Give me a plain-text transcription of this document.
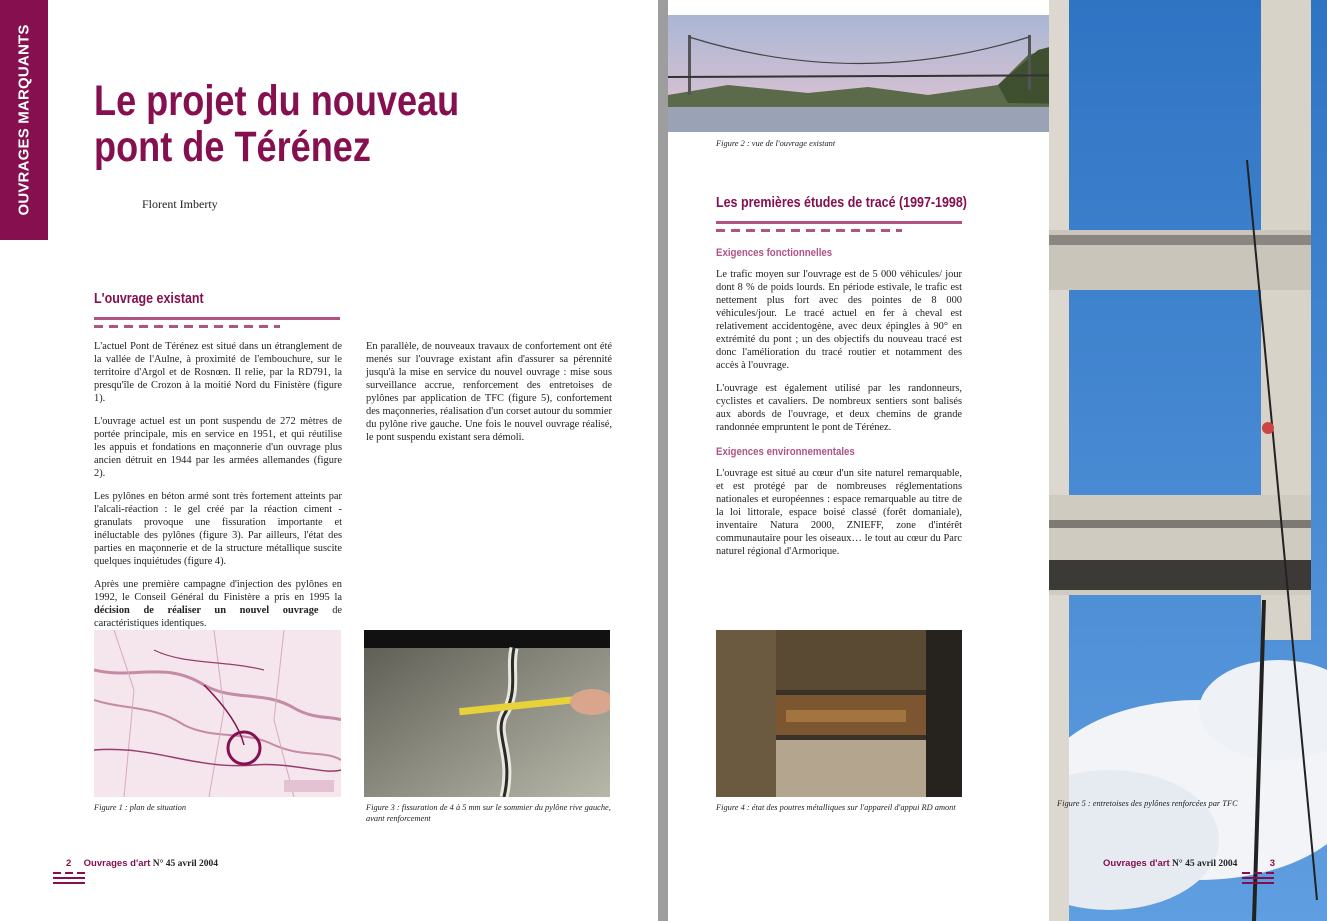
OUVRAGES MARQUANTS Le projet du nouveau
pont de Térénez
Florent Imberty
L'ouvrage existant

L'actuel Pont de Térénez est situé dans un étranglement de la vallée de l'Aulne, à proximité de l'embouchure, sur le territoire d'Argol et de Rosnœn. Il relie, par la RD791, la presqu'île de Crozon à la moitié Nord du Finistère (figure 1).

L'ouvrage actuel est un pont suspendu de 272 mètres de portée principale, mis en service en 1951, et qui réutilise les appuis et fondations en maçonnerie d'un ouvrage plus ancien détruit en 1944 par les armées allemandes (figure 2).

Les pylônes en béton armé sont très fortement atteints par l'alcali-réaction : le gel créé par la réaction ciment - granulats provoque une fissuration importante et inéluctable des pylônes (figure 3). Par ailleurs, l'état des parties en maçonnerie et de la structure métallique suscite quelques inquiétudes (figure 4).

Après une première campagne d'injection des pylônes en 1992, le Conseil Général du Finistère a pris en 1995 la décision de réaliser un nouvel ouvrage de caractéristiques identiques.

En parallèle, de nouveaux travaux de confortement ont été menés sur l'ouvrage existant afin d'assurer sa pérennité jusqu'à la mise en service du nouvel ouvrage : mise sous surveillance accrue, renforcement des entretoises de pylônes par application de TFC (figure 5), confortement des maçonneries, réalisation d'un corset autour du sommier du pylône rive gauche. Une fois le nouvel ouvrage réalisé, le pont suspendu existant sera démoli.

Figure 1 : plan de situation	Figure 3 : fissuration de 4 à 5 mm sur le sommier du pylône rive gauche, avant renforcement
2 Ouvrages d'art N° 45 avril 2004
Figure 2 : vue de l'ouvrage existant
Figure 5 : entretoises des pylônes renforcées par TFC
Les premières études de tracé (1997-1998)
Exigences fonctionnelles

Le trafic moyen sur l'ouvrage est de 5 000 véhicules/ jour dont 8 % de poids lourds. En période estivale, le trafic est nettement plus fort avec des pointes de 8 000 véhicules/jour. Le tracé actuel en fer à cheval est relativement accidentogène, avec deux épingles à 90° en extrémité du pont ; un des objectifs du nouveau tracé est donc l'amélioration du tracé routier et notamment des accès à l'ouvrage.

L'ouvrage est également utilisé par les randonneurs, cyclistes et cavaliers. De nombreux sentiers sont balisés aux abords de l'ouvrage, et deux chemins de grande randonnée empruntent le pont de Térénez.

Exigences environnementales

L'ouvrage est situé au cœur d'un site naturel remarquable, et est protégé par de nombreuses réglementations nationales et européennes : espace remarquable au titre de la loi littorale, espace boisé classé (forêt domaniale), inventaire Natura 2000, ZNIEFF, zone d'intérêt communautaire pour les oiseaux… le tout au cœur du Parc naturel régional d'Armorique.

Figure 4 : état des poutres métalliques sur l'appareil d'appui RD amont
Ouvrages d'art N° 45 avril 2004	3
